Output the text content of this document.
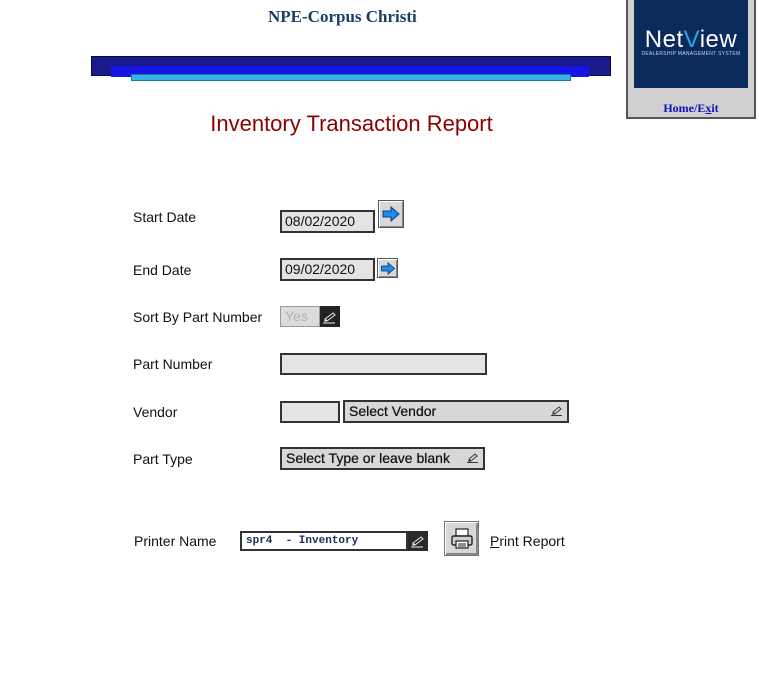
NPE-Corpus Christi
NetView
DEALERSHIP MANAGEMENT SYSTEM
Home/Exit
Inventory Transaction Report
Start Date	08/02/2020
End Date	09/02/2020
Sort By Part Number	Yes
Part Number
Vendor	Select Vendor
Part Type	Select Type or leave blank
Printer Name	spr4  - Inventory	Print Report
